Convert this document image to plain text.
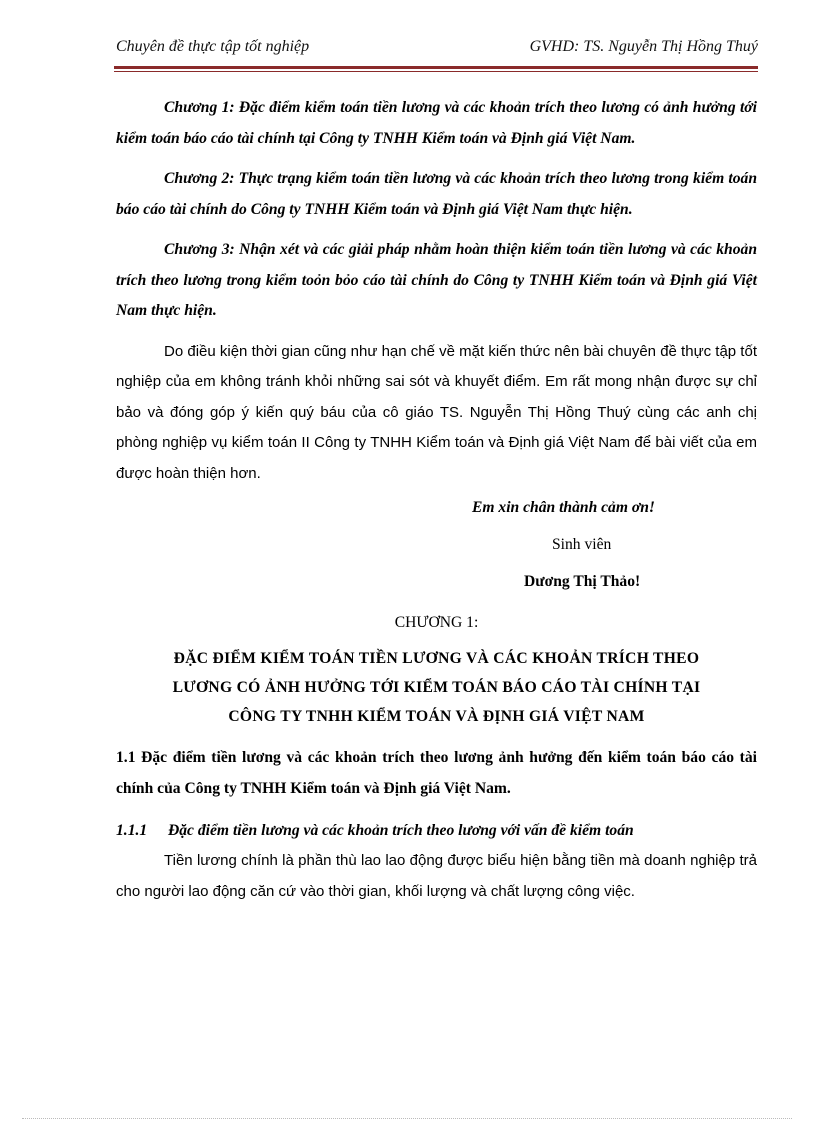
Chuyên đề thực tập tốt nghiệp	GVHD: TS. Nguyễn Thị Hồng Thuý

Chương 1: Đặc điểm kiểm toán tiền lương và các khoản trích theo lương có ảnh hưởng tới kiểm toán báo cáo tài chính tại Công ty TNHH Kiểm toán và Định giá Việt Nam.

Chương 2: Thực trạng kiểm toán tiền lương và các khoản trích theo lương trong kiểm toán báo cáo tài chính do Công ty TNHH Kiểm toán và Định giá Việt Nam thực hiện.

Chương 3: Nhận xét và các giải pháp nhằm hoàn thiện kiểm toán tiền lương và các khoản trích theo lương trong kiểm toỏn bỏo cáo tài chính do Công ty TNHH Kiểm toán và Định giá Việt Nam thực hiện.

Do điều kiện thời gian cũng như hạn chế về mặt kiến thức nên bài chuyên đề thực tập tốt nghiệp của em không tránh khỏi những sai sót và khuyết điểm. Em rất mong nhận được sự chỉ bảo và đóng góp ý kiến quý báu của cô giáo TS. Nguyễn Thị Hồng Thuý cùng các anh chị phòng nghiệp vụ kiểm toán II Công ty TNHH Kiểm toán và Định giá Việt Nam để bài viết của em được hoàn thiện hơn.

Em xin chân thành cảm ơn!

Sinh viên

Dương Thị Thảo!

CHƯƠNG 1:

ĐẶC ĐIỂM KIỂM TOÁN TIỀN LƯƠNG VÀ CÁC KHOẢN TRÍCH THEO
LƯƠNG CÓ ẢNH HƯỞNG TỚI KIỂM TOÁN BÁO CÁO TÀI CHÍNH TẠI
CÔNG TY TNHH KIỂM TOÁN VÀ ĐỊNH GIÁ VIỆT NAM

1.1 Đặc điểm tiền lương và các khoản trích theo lương ảnh hưởng đến kiểm toán báo cáo tài chính của Công ty TNHH Kiểm toán và Định giá Việt Nam.

1.1.1 Đặc điểm tiền lương và các khoản trích theo lương với vấn đề kiểm toán

Tiền lương chính là phần thù lao lao động được biểu hiện bằng tiền mà doanh nghiệp trả cho người lao động căn cứ vào thời gian, khối lượng và chất lượng công việc.
